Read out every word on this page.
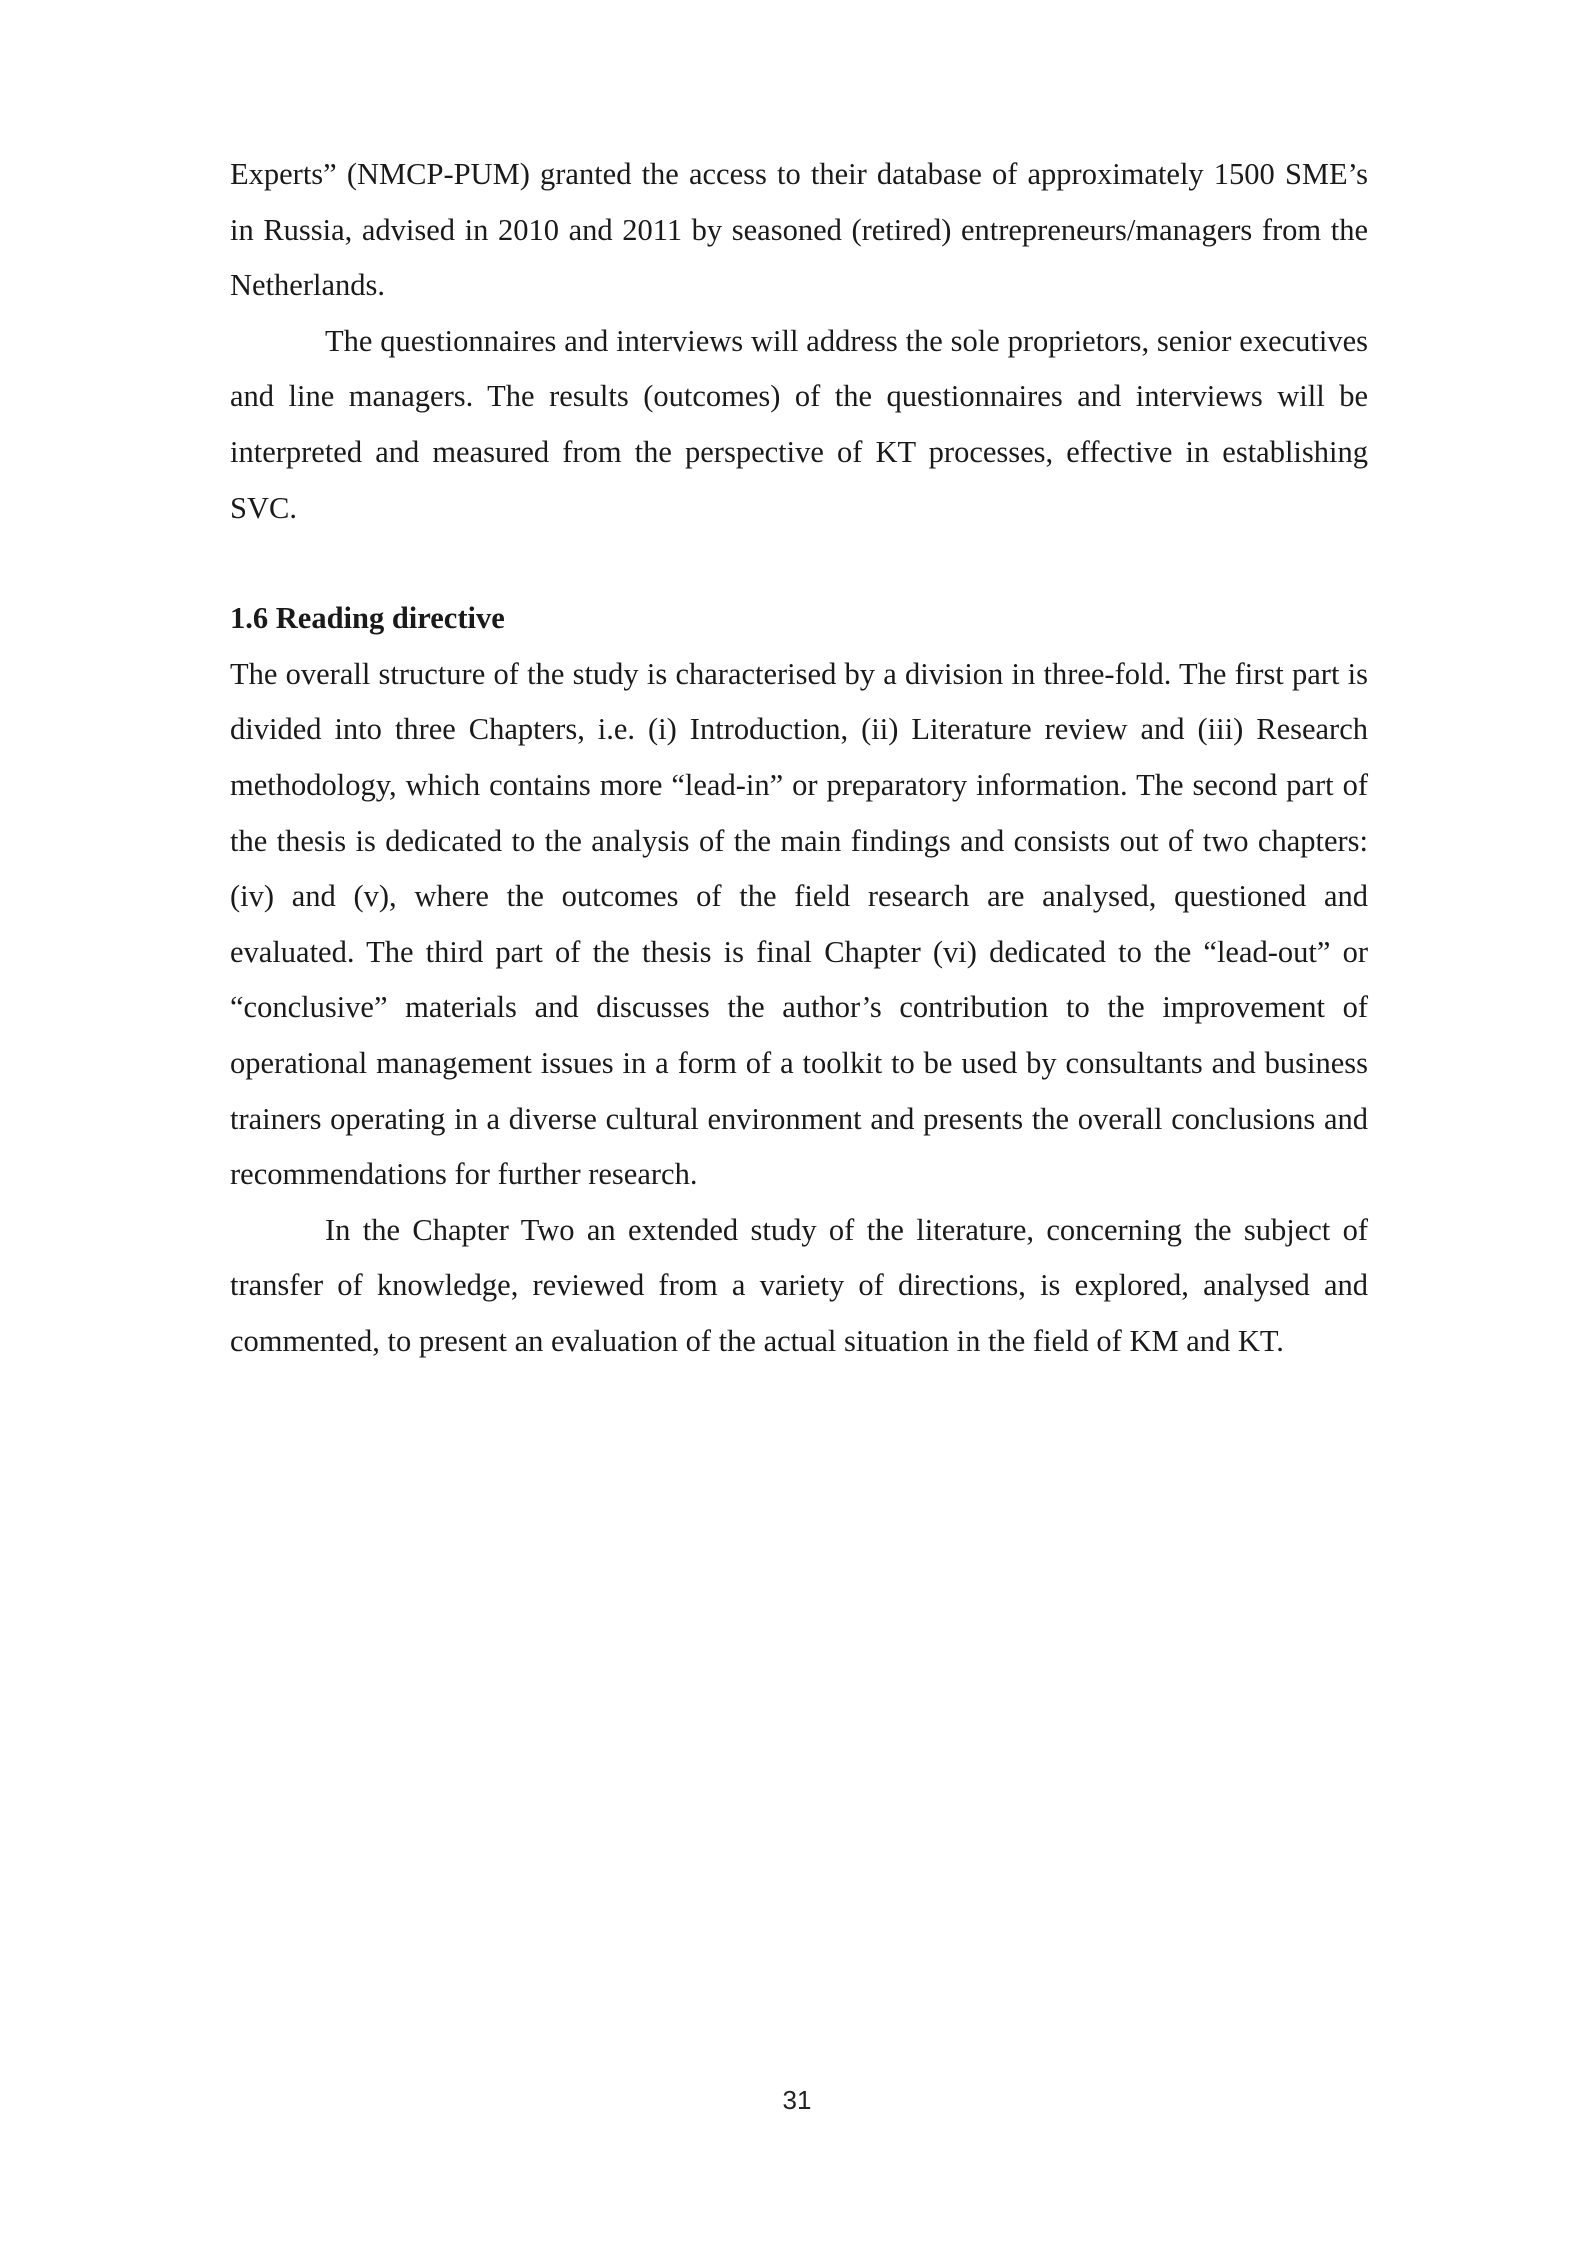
Experts” (NMCP-PUM) granted the access to their database of approximately 1500 SME’s in Russia, advised in 2010 and 2011 by seasoned (retired) entrepreneurs/managers from the Netherlands.

The questionnaires and interviews will address the sole proprietors, senior executives and line managers. The results (outcomes) of the questionnaires and interviews will be interpreted and measured from the perspective of KT processes, effective in establishing SVC.

1.6 Reading directive

The overall structure of the study is characterised by a division in three-fold. The first part is divided into three Chapters, i.e. (i) Introduction, (ii) Literature review and (iii) Research methodology, which contains more “lead-in” or preparatory information. The second part of the thesis is dedicated to the analysis of the main findings and consists out of two chapters: (iv) and (v), where the outcomes of the field research are analysed, questioned and evaluated. The third part of the thesis is final Chapter (vi) dedicated to the “lead-out” or “conclusive” materials and discusses the author’s contribution to the improvement of operational management issues in a form of a toolkit to be used by consultants and business trainers operating in a diverse cultural environment and presents the overall conclusions and recommendations for further research.

In the Chapter Two an extended study of the literature, concerning the subject of transfer of knowledge, reviewed from a variety of directions, is explored, analysed and commented, to present an evaluation of the actual situation in the field of KM and KT.

31
